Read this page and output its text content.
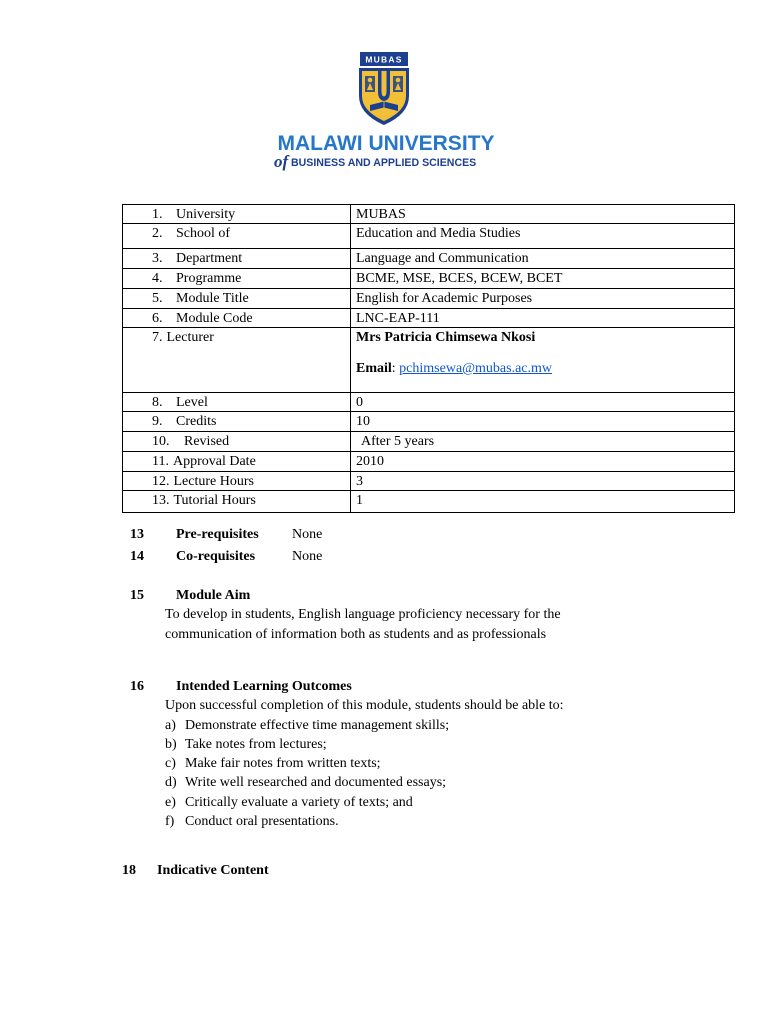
MUBAS
MALAWI UNIVERSITY
of BUSINESS AND APPLIED SCIENCES
1. University	MUBAS
2. School of	Education and Media Studies
3. Department	Language and Communication
4. Programme	BCME, MSE, BCES, BCEW, BCET
5. Module Title	English for Academic Purposes
6. Module Code	LNC-EAP-111
7. Lecturer	Mrs Patricia Chimsewa Nkosi
Email: pchimsewa@mubas.ac.mw

8. Level	0
9. Credits	10
10. Revised	After 5 years
11. Approval Date	2010
12. Lecture Hours	3
13. Tutorial Hours	1
13 Pre-requisites None
14 Co-requisites	None
15 Module Aim
To develop in students, English language proficiency necessary for the
communication of information both as students and as professionals
16 Intended Learning Outcomes
Upon successful completion of this module, students should be able to:
a) Demonstrate effective time management skills;
b) Take notes from lectures;
c) Make fair notes from written texts;
d) Write well researched and documented essays;
e) Critically evaluate a variety of texts; and
f) Conduct oral presentations.
18 Indicative Content
